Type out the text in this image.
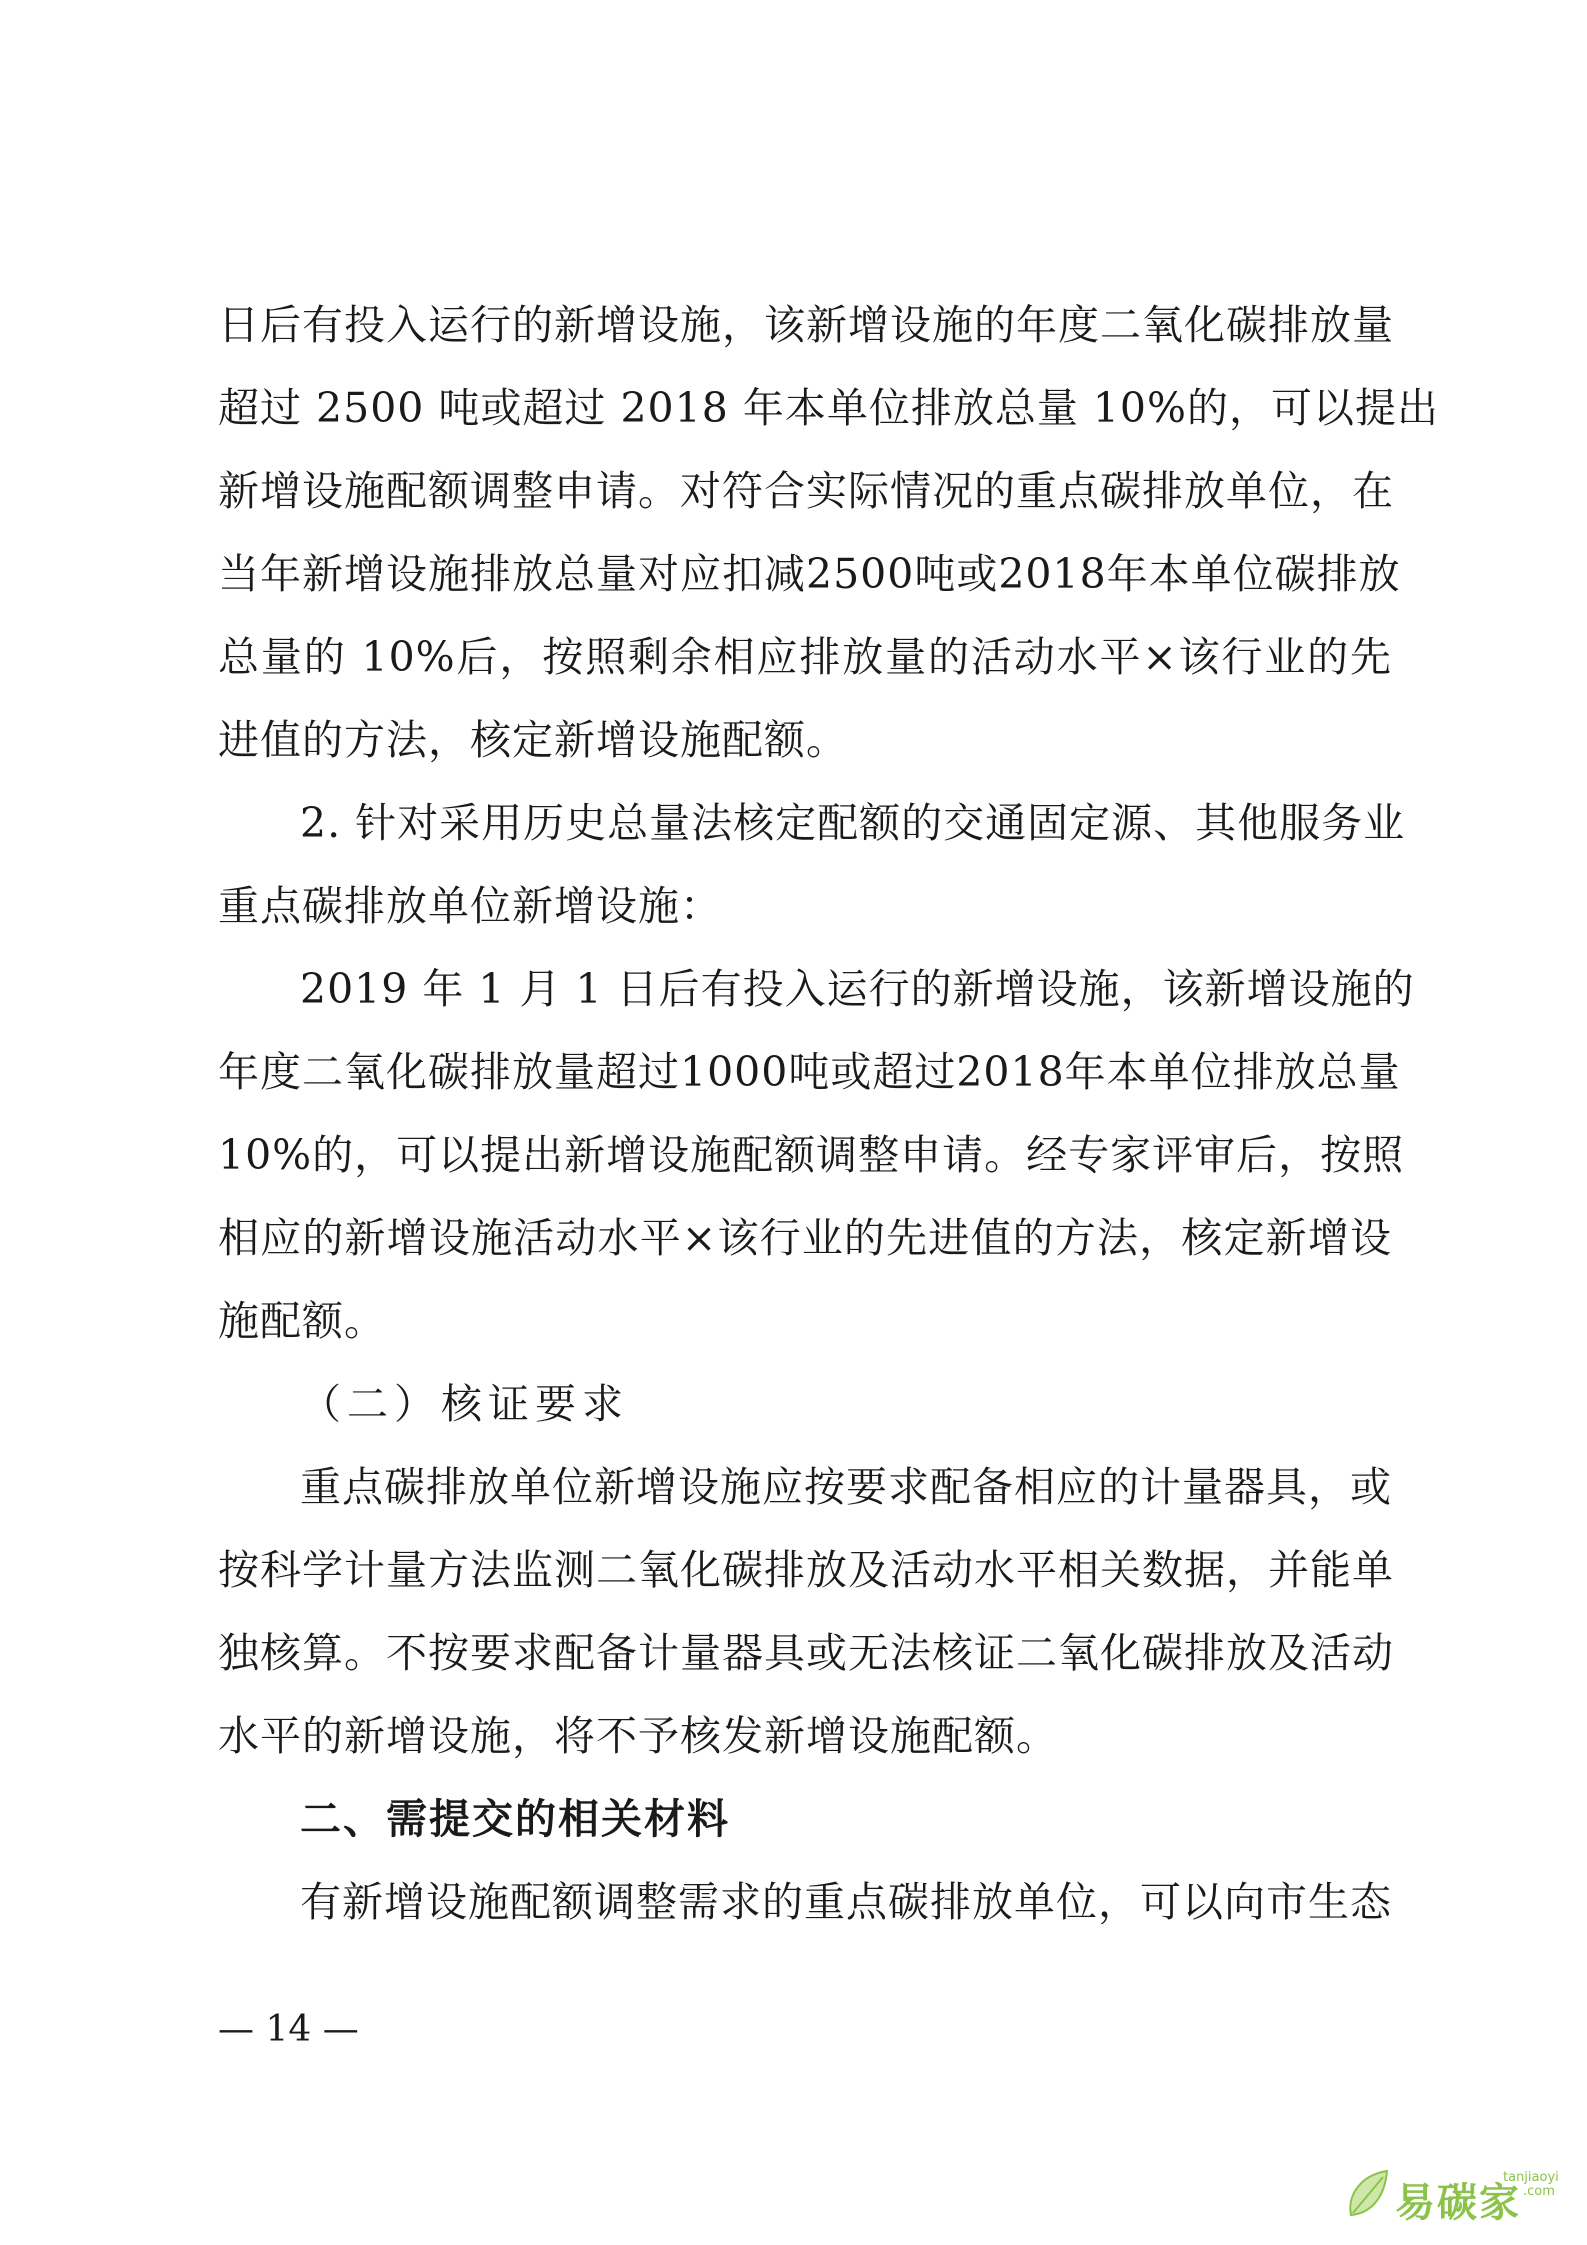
日后有投入运行的新增设施，该新增设施的年度二氧化碳排放量
超过 2500 吨或超过 2018 年本单位排放总量 10%的，可以提出
新增设施配额调整申请。对符合实际情况的重点碳排放单位，在
当年新增设施排放总量对应扣减2500吨或2018年本单位碳排放
总量的 10%后，按照剩余相应排放量的活动水平×该行业的先
进值的方法，核定新增设施配额。
2. 针对采用历史总量法核定配额的交通固定源、其他服务业
重点碳排放单位新增设施：
2019 年 1 月 1 日后有投入运行的新增设施，该新增设施的
年度二氧化碳排放量超过1000吨或超过2018年本单位排放总量
10%的，可以提出新增设施配额调整申请。经专家评审后，按照
相应的新增设施活动水平×该行业的先进值的方法，核定新增设
施配额。
（二）核证要求
重点碳排放单位新增设施应按要求配备相应的计量器具，或
按科学计量方法监测二氧化碳排放及活动水平相关数据，并能单
独核算。不按要求配备计量器具或无法核证二氧化碳排放及活动
水平的新增设施，将不予核发新增设施配额。
二、需提交的相关材料
有新增设施配额调整需求的重点碳排放单位，可以向市生态
— 14 —
易碳家
tanjiaoyi
.com
